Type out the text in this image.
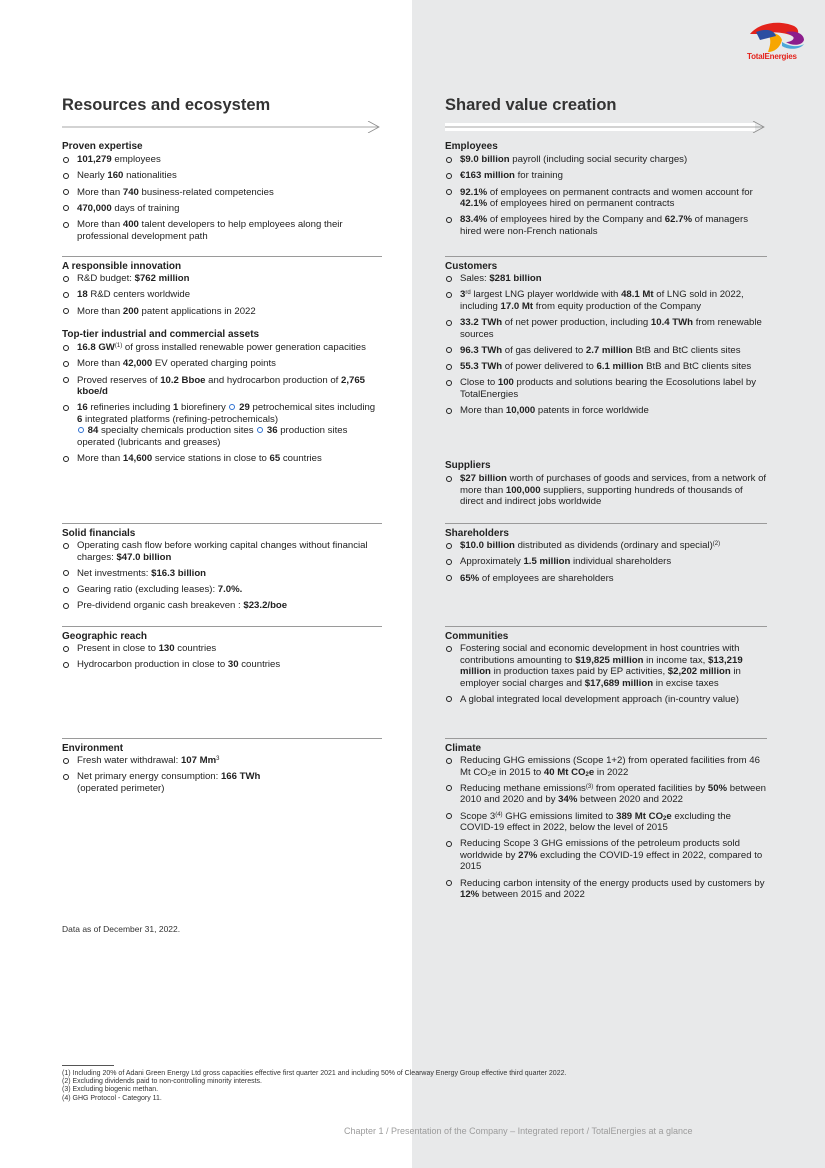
TotalEnergies
Resources and ecosystem
Proven expertise
101,279 employees
Nearly 160 nationalities
More than 740 business-related competencies
470,000 days of training
More than 400 talent developers to help employees along their professional development path
A responsible innovation
R&D budget: $762 million
18 R&D centers worldwide
More than 200 patent applications in 2022
Top-tier industrial and commercial assets
16.8 GW$^{(1)}$ of gross installed renewable power generation capacities
More than 42,000 EV operated charging points
Proved reserves of 10.2 Bboe and hydrocarbon production of 2,765 kboe/d
16 refineries including 1 biorefinery  29 petrochemical sites including 6 integrated platforms (refining-petrochemicals)
84 specialty chemicals production sites  36 production sites operated (lubricants and greases)
More than 14,600 service stations in close to 65 countries
Solid financials
Operating cash flow before working capital changes without financial charges: $47.0 billion
Net investments: $16.3 billion
Gearing ratio (excluding leases): 7.0%.
Pre-dividend organic cash breakeven : $23.2/boe
Geographic reach
Present in close to 130 countries
Hydrocarbon production in close to 30 countries
Environment
Fresh water withdrawal: 107 Mm$^3$
Net primary energy consumption: 166 TWh
(operated perimeter)
Shared value creation
Employees
$9.0 billion payroll (including social security charges)
€163 million for training
92.1% of employees on permanent contracts and women account for 42.1% of employees hired on permanent contracts
83.4% of employees hired by the Company and 62.7% of managers hired were non-French nationals
Customers
Sales: $281 billion
3rd largest LNG player worldwide with 48.1 Mt of LNG sold in 2022, including 17.0 Mt from equity production of the Company
33.2 TWh of net power production, including 10.4 TWh from renewable sources
96.3 TWh of gas delivered to 2.7 million BtB and BtC clients sites
55.3 TWh of power delivered to 6.1 million BtB and BtC clients sites
Close to 100 products and solutions bearing the Ecosolutions label by TotalEnergies
More than 10,000 patents in force worldwide
Suppliers
$27 billion worth of purchases of goods and services, from a network of more than 100,000 suppliers, supporting hundreds of thousands of direct and indirect jobs worldwide
Shareholders
$10.0 billion distributed as dividends (ordinary and special)$^{(2)}$
Approximately 1.5 million individual shareholders
65% of employees are shareholders
Communities
Fostering social and economic development in host countries with contributions amounting to $19,825 million in income tax, $13,219 million in production taxes paid by EP activities, $2,202 million in employer social charges and $17,689 million in excise taxes
A global integrated local development approach (in-country value)
Climate
Reducing GHG emissions (Scope 1+2) from operated facilities from 46 Mt $CO_2e$ in 2015 to 40 Mt $CO_2e$ in 2022
Reducing methane emissions$^{(3)}$ from operated facilities by 50% between 2010 and 2020 and by 34% between 2020 and 2022
Scope 3$^{(4)}$ GHG emissions limited to 389 Mt $CO_2e$ excluding the COVID-19 effect in 2022, below the level of 2015
Reducing Scope 3 GHG emissions of the petroleum products sold worldwide by 27% excluding the COVID-19 effect in 2022, compared to 2015
Reducing carbon intensity of the energy products used by customers by 12% between 2015 and 2022
Data as of December 31, 2022.
(1) Including 20% of Adani Green Energy Ltd gross capacities effective first quarter 2021 and including 50% of Clearway Energy Group effective third quarter 2022.
(2) Excluding dividends paid to non-controlling minority interests.
(3) Excluding biogenic methan.
(4) GHG Protocol - Category 11.
Chapter 1 / Presentation of the Company – Integrated report / TotalEnergies at a glance
